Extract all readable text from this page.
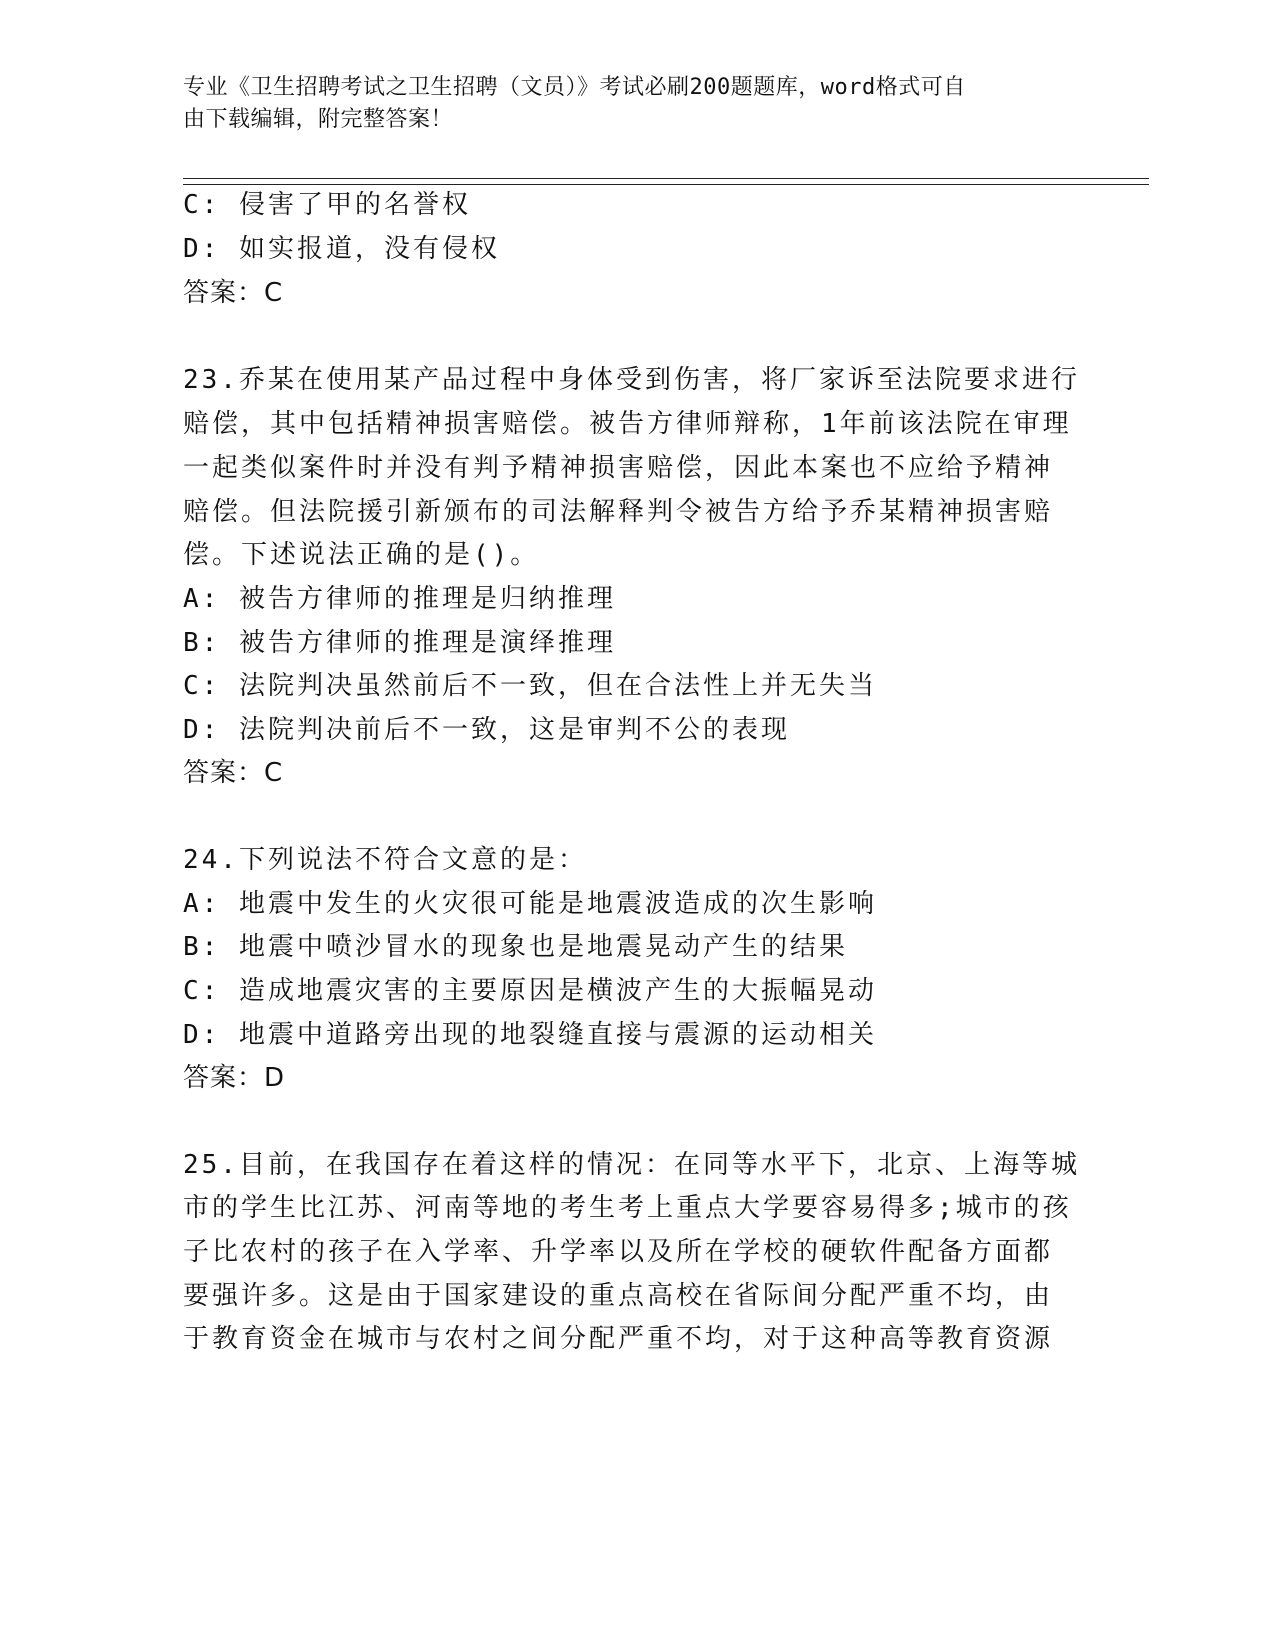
专业《卫生招聘考试之卫生招聘（文员）》考试必刷200题题库，word格式可自
由下载编辑，附完整答案！
C: 侵害了甲的名誉权
D: 如实报道，没有侵权
答案：C
23.乔某在使用某产品过程中身体受到伤害，将厂家诉至法院要求进行
赔偿，其中包括精神损害赔偿。被告方律师辩称，1年前该法院在审理
一起类似案件时并没有判予精神损害赔偿，因此本案也不应给予精神
赔偿。但法院援引新颁布的司法解释判令被告方给予乔某精神损害赔
偿。下述说法正确的是()。
A: 被告方律师的推理是归纳推理
B: 被告方律师的推理是演绎推理
C: 法院判决虽然前后不一致，但在合法性上并无失当
D: 法院判决前后不一致，这是审判不公的表现
答案：C
24.下列说法不符合文意的是：
A: 地震中发生的火灾很可能是地震波造成的次生影响
B: 地震中喷沙冒水的现象也是地震晃动产生的结果
C: 造成地震灾害的主要原因是横波产生的大振幅晃动
D: 地震中道路旁出现的地裂缝直接与震源的运动相关
答案：D
25.目前，在我国存在着这样的情况：在同等水平下，北京、上海等城
市的学生比江苏、河南等地的考生考上重点大学要容易得多;城市的孩
子比农村的孩子在入学率、升学率以及所在学校的硬软件配备方面都
要强许多。这是由于国家建设的重点高校在省际间分配严重不均，由
于教育资金在城市与农村之间分配严重不均，对于这种高等教育资源
